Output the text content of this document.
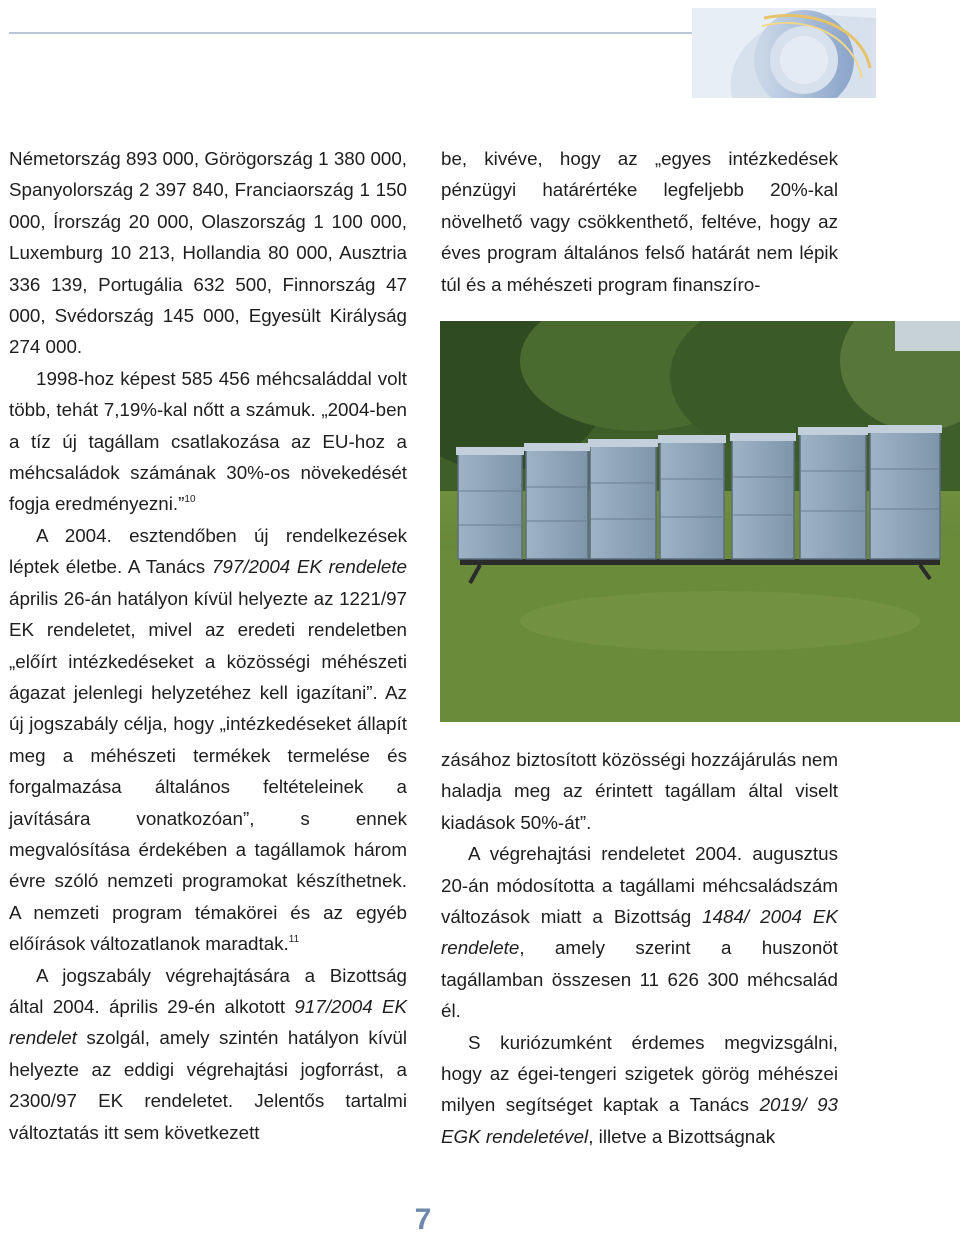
Németország 893 000, Görögország 1 380 000, Spanyolország 2 397 840, Franciaország 1 150 000, Írország 20 000, Olaszország 1 100 000, Luxemburg 10 213, Hollandia 80 000, Ausztria 336 139, Portugália 632 500, Finnország 47 000, Svédország 145 000, Egyesült Királyság 274 000.

1998-hoz képest 585 456 méhcsaláddal volt több, tehát 7,19%-kal nőtt a számuk. „2004-ben a tíz új tagállam csatlakozása az EU-hoz a méhcsaládok számának 30%-os növekedését fogja eredményezni.”$^{10}$

A 2004. esztendőben új rendelkezések léptek életbe. A Tanács 797/2004 EK rendelete április 26-án hatályon kívül helyezte az 1221/97 EK rendeletet, mivel az eredeti rendeletben „előírt intézkedéseket a közösségi méhészeti ágazat jelenlegi helyzetéhez kell igazítani”. Az új jogszabály célja, hogy „intézkedéseket állapít meg a méhészeti termékek termelése és forgalmazása általános feltételeinek a javítására vonatkozóan”, s ennek megvalósítása érdekében a tagállamok három évre szóló nemzeti programokat készíthetnek. A nemzeti program témakörei és az egyéb előírások változatlanok maradtak.$^{11}$

A jogszabály végrehajtására a Bizottság által 2004. április 29-én alkotott 917/2004 EK rendelet szolgál, amely szintén hatályon kívül helyezte az eddigi végrehajtási jogforrást, a 2300/97 EK rendeletet. Jelentős tartalmi változtatás itt sem következett

be, kivéve, hogy az „egyes intézkedések pénzügyi határértéke legfeljebb 20%-kal növelhető vagy csökkenthető, feltéve, hogy az éves program általános felső határát nem lépik túl és a méhészeti program finanszíro-

zásához biztosított közösségi hozzájárulás nem haladja meg az érintett tagállam által viselt kiadások 50%-át”.

A végrehajtási rendeletet 2004. augusztus 20-án módosította a tagállami méhcsaládszám változások miatt a Bizottság 1484/ 2004 EK rendelete, amely szerint a huszonöt tagállamban összesen 11 626 300 méhcsalád él.

S kuriózumként érdemes megvizsgálni, hogy az égei-tengeri szigetek görög méhészei milyen segítséget kaptak a Tanács 2019/ 93 EGK rendeletével, illetve a Bizottságnak

7
